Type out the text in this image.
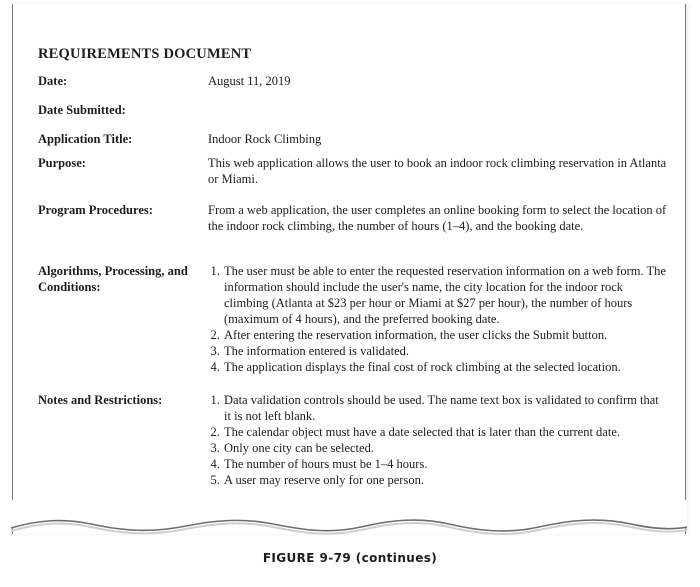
REQUIREMENTS DOCUMENT
Date:	August 11, 2019
Date Submitted:
Application Title:	Indoor Rock Climbing
Purpose:	This web application allows the user to book an indoor rock climbing reservation in Atlanta or Miami.
Program Procedures:	From a web application, the user completes an online booking form to select the location of the indoor rock climbing, the number of hours (1–4), and the booking date.
Algorithms, Processing, and Conditions:
1. The user must be able to enter the requested reservation information on a web form. The information should include the user's name, the city location for the indoor rock climbing (Atlanta at $23 per hour or Miami at $27 per hour), the number of hours (maximum of 4 hours), and the preferred booking date.
2. After entering the reservation information, the user clicks the Submit button.
3. The information entered is validated.
4. The application displays the final cost of rock climbing at the selected location.
Notes and Restrictions:
1.	Data validation controls should be used. The name text box is validated to confirm that it is not left blank.
2. The calendar object must have a date selected that is later than the current date.
3. Only one city can be selected.
4. The number of hours must be 1–4 hours.
5. A user may reserve only for one person.
FIGURE 9-79 (continues)
